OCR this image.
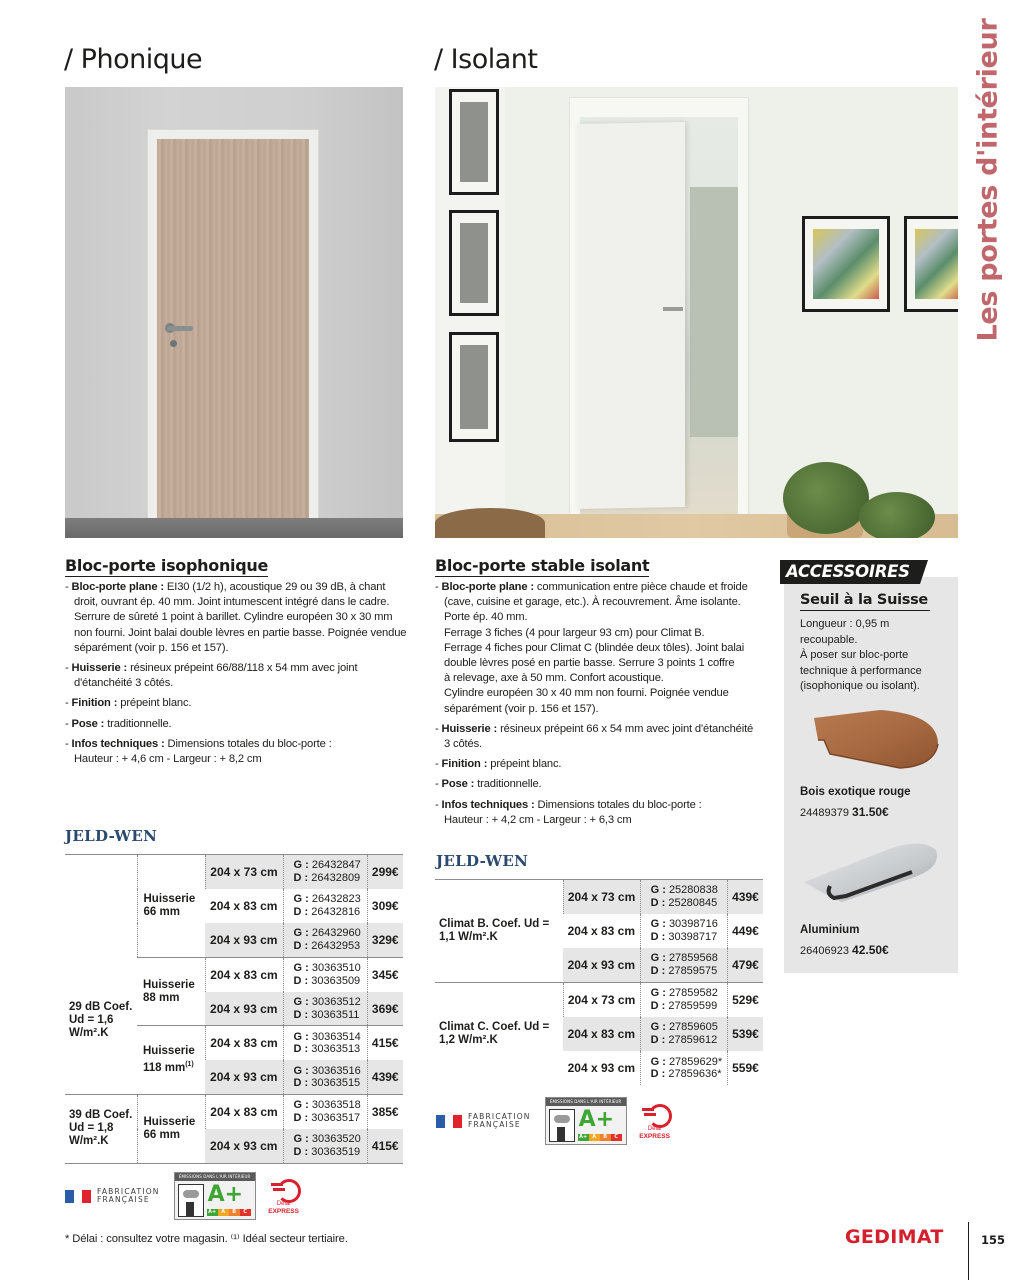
/ Phonique	/ Isolant	Les portes d'intérieur
Bloc-porte isophonique
- Bloc-porte plane : EI30 (1/2 h), acoustique 29 ou 39 dB, à chant
droit, ouvrant ép. 40 mm. Joint intumescent intégré dans le cadre.
Serrure de sûreté 1 point à barillet. Cylindre européen 30 x 30 mm
non fourni. Joint balai double lèvres en partie basse. Poignée vendue
séparément (voir p. 156 et 157).
- Huisserie : résineux prépeint 66/88/118 x 54 mm avec joint
d'étanchéité 3 côtés.
- Finition : prépeint blanc.
- Pose : traditionnelle.
- Infos techniques : Dimensions totales du bloc-porte :
Hauteur : + 4,6 cm - Largeur : + 8,2 cm
JELD-WEN
29 dB Coef. Ud = 1,6 W/m².K	Huisserie 66 mm	204 x 73 cm	G : 26432847
D : 26432809	299€
		204 x 83 cm	G : 26432823
D : 26432816	309€
		204 x 93 cm	G : 26432960
D : 26432953	329€
	Huisserie 88 mm	204 x 83 cm	G : 30363510
D : 30363509	345€
		204 x 93 cm	G : 30363512
D : 30363511	369€
	Huisserie 118 $mm^{(1)}$	204 x 83 cm	G : 30363514
D : 30363513	415€
		204 x 93 cm	G : 30363516
D : 30363515	439€
39 dB Coef. Ud = 1,8 W/m².K	Huisserie 66 mm	204 x 83 cm	G : 30363518
D : 30363517	385€
		204 x 93 cm	G : 30363520
D : 30363519	415€
FABRICATION
FRANÇAISE
ÉMISSIONS DANS L'AIR INTÉRIEUR
A+
A+	A	B	C
Délai
EXPRESS
Bloc-porte stable isolant
- Bloc-porte plane : communication entre pièce chaude et froide
(cave, cuisine et garage, etc.). À recouvrement. Âme isolante.
Porte ép. 40 mm.
Ferrage 3 fiches (4 pour largeur 93 cm) pour Climat B.
Ferrage 4 fiches pour Climat C (blindée deux tôles). Joint balai
double lèvres posé en partie basse. Serrure 3 points 1 coffre
à relevage, axe à 50 mm. Confort acoustique.
Cylindre européen 30 x 40 mm non fourni. Poignée vendue
séparément (voir p. 156 et 157).
- Huisserie : résineux prépeint 66 x 54 mm avec joint d'étanchéité
3 côtés.
- Finition : prépeint blanc.
- Pose : traditionnelle.
- Infos techniques : Dimensions totales du bloc-porte :
Hauteur : + 4,2 cm - Largeur : + 6,3 cm
JELD-WEN
Climat B. Coef. Ud = 1,1 W/m².K	204 x 73 cm	G : 25280838
D : 25280845	439€
	204 x 83 cm	G : 30398716
D : 30398717	449€
	204 x 93 cm	G : 27859568
D : 27859575	479€
Climat C. Coef. Ud = 1,2 W/m².K	204 x 73 cm	G : 27859582
D : 27859599	529€
	204 x 83 cm	G : 27859605
D : 27859612	539€
	204 x 93 cm	G : 27859629*
D : 27859636*	559€
FABRICATION
FRANÇAISE
ÉMISSIONS DANS L'AIR INTÉRIEUR
A+
A+	A	B	C
Délai
EXPRESS
ACCESSOIRES
Seuil à la Suisse
Longueur : 0,95 m
recoupable.
À poser sur bloc-porte
technique à performance
(isophonique ou isolant).
Bois exotique rouge
24489379 31.50€
Aluminium
26406923 42.50€
* Délai : consultez votre magasin. ⁽¹⁾ Idéal secteur tertiaire.	GEDIMAT	155
